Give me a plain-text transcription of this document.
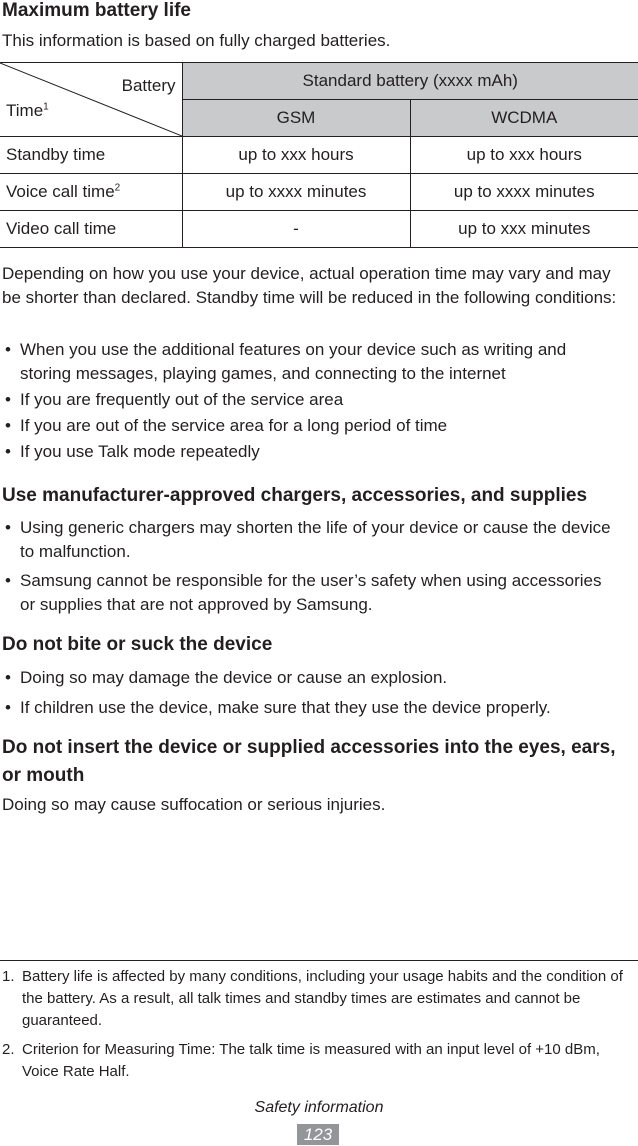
Maximum battery life

This information is based on fully charged batteries.

Battery
Time$^1$	Standard battery (xxxx mAh)	
	GSM	WCDMA
Standby time	up to xxx hours	up to xxx hours
Voice call time$^2$	up to xxxx minutes	up to xxxx minutes
Video call time	-	up to xxx minutes

Depending on how you use your device, actual operation time may vary and may be shorter than declared. Standby time will be reduced in the following conditions:

• When you use the additional features on your device such as writing and storing messages, playing games, and connecting to the internet
• If you are frequently out of the service area
• If you are out of the service area for a long period of time
• If you use Talk mode repeatedly
Use manufacturer-approved chargers, accessories, and supplies
• Using generic chargers may shorten the life of your device or cause the device to malfunction.
• Samsung cannot be responsible for the user’s safety when using accessories or supplies that are not approved by Samsung.
Do not bite or suck the device
• Doing so may damage the device or cause an explosion.
• If children use the device, make sure that they use the device properly.
Do not insert the device or supplied accessories into the eyes, ears, or mouth

Doing so may cause suffocation or serious injuries.

1. Battery life is affected by many conditions, including your usage habits and the condition of the battery. As a result, all talk times and standby times are estimates and cannot be guaranteed.
2. Criterion for Measuring Time: The talk time is measured with an input level of +10 dBm, Voice Rate Half.
Safety information
123
